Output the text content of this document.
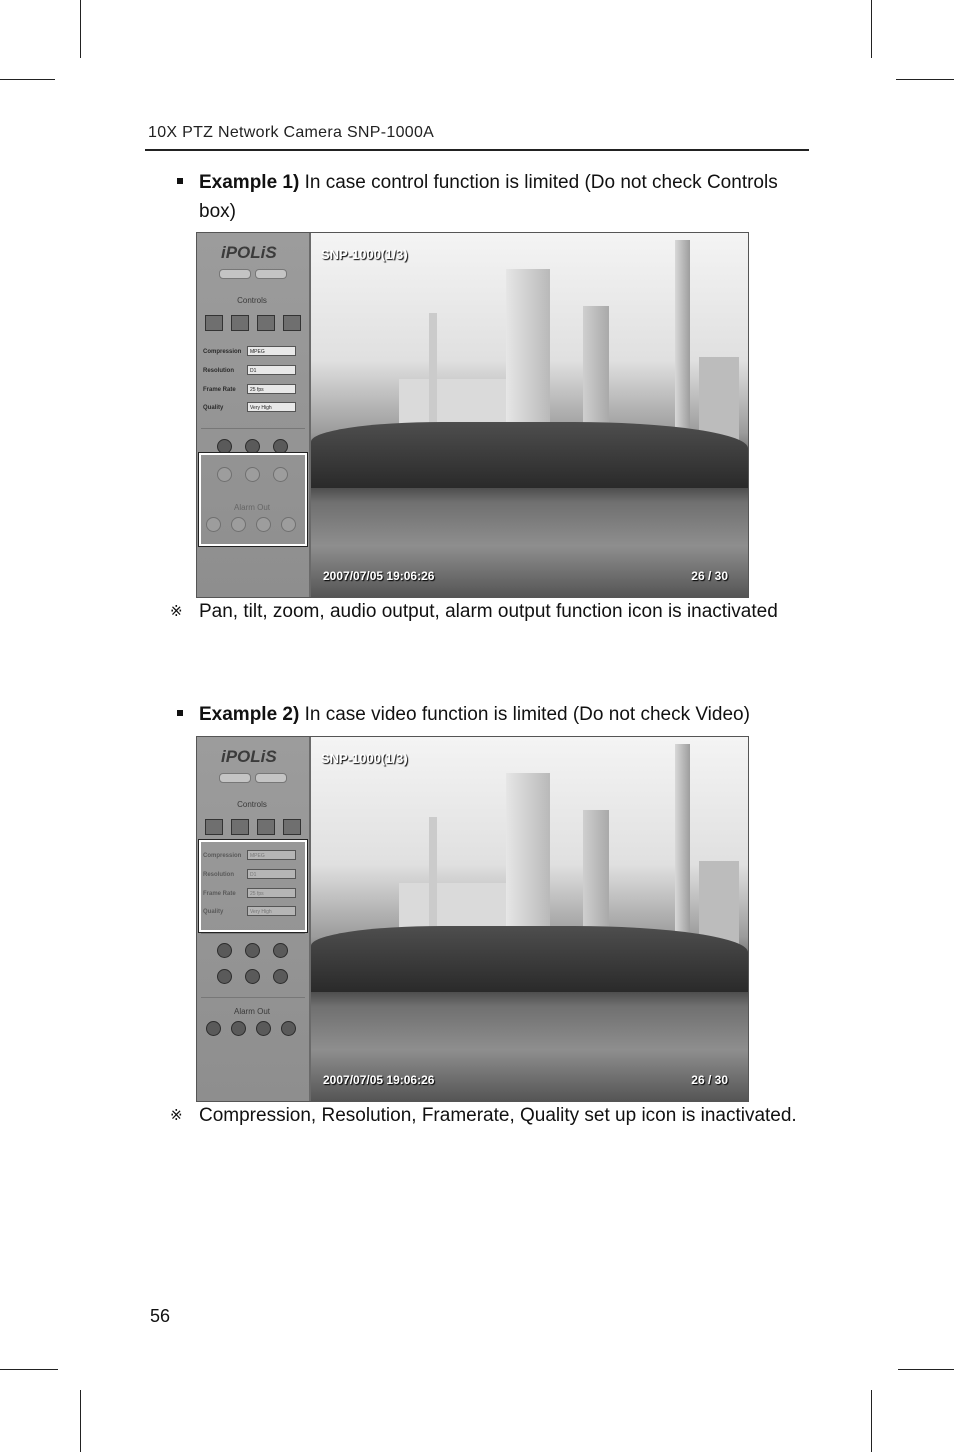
10X PTZ Network Camera SNP-1000A
Example 1) In case control function is limited (Do not check Controls box)
iPOLiS
Controls
Compression	MPEG
Resolution	D1
Frame Rate	25 fps
Quality	Very High
Alarm Out
SNP-1000(1/3)
2007/07/05 19:06:26	26 / 30
※ Pan, tilt, zoom, audio output, alarm output function icon is inactivated
Example 2) In case video function is limited (Do not check Video)
iPOLiS
Controls
Compression	MPEG
Resolution	D1
Frame Rate	25 fps
Quality	Very High
Alarm Out
SNP-1000(1/3)
2007/07/05 19:06:26	26 / 30
※ Compression, Resolution, Framerate, Quality set up icon is inactivated.
56
